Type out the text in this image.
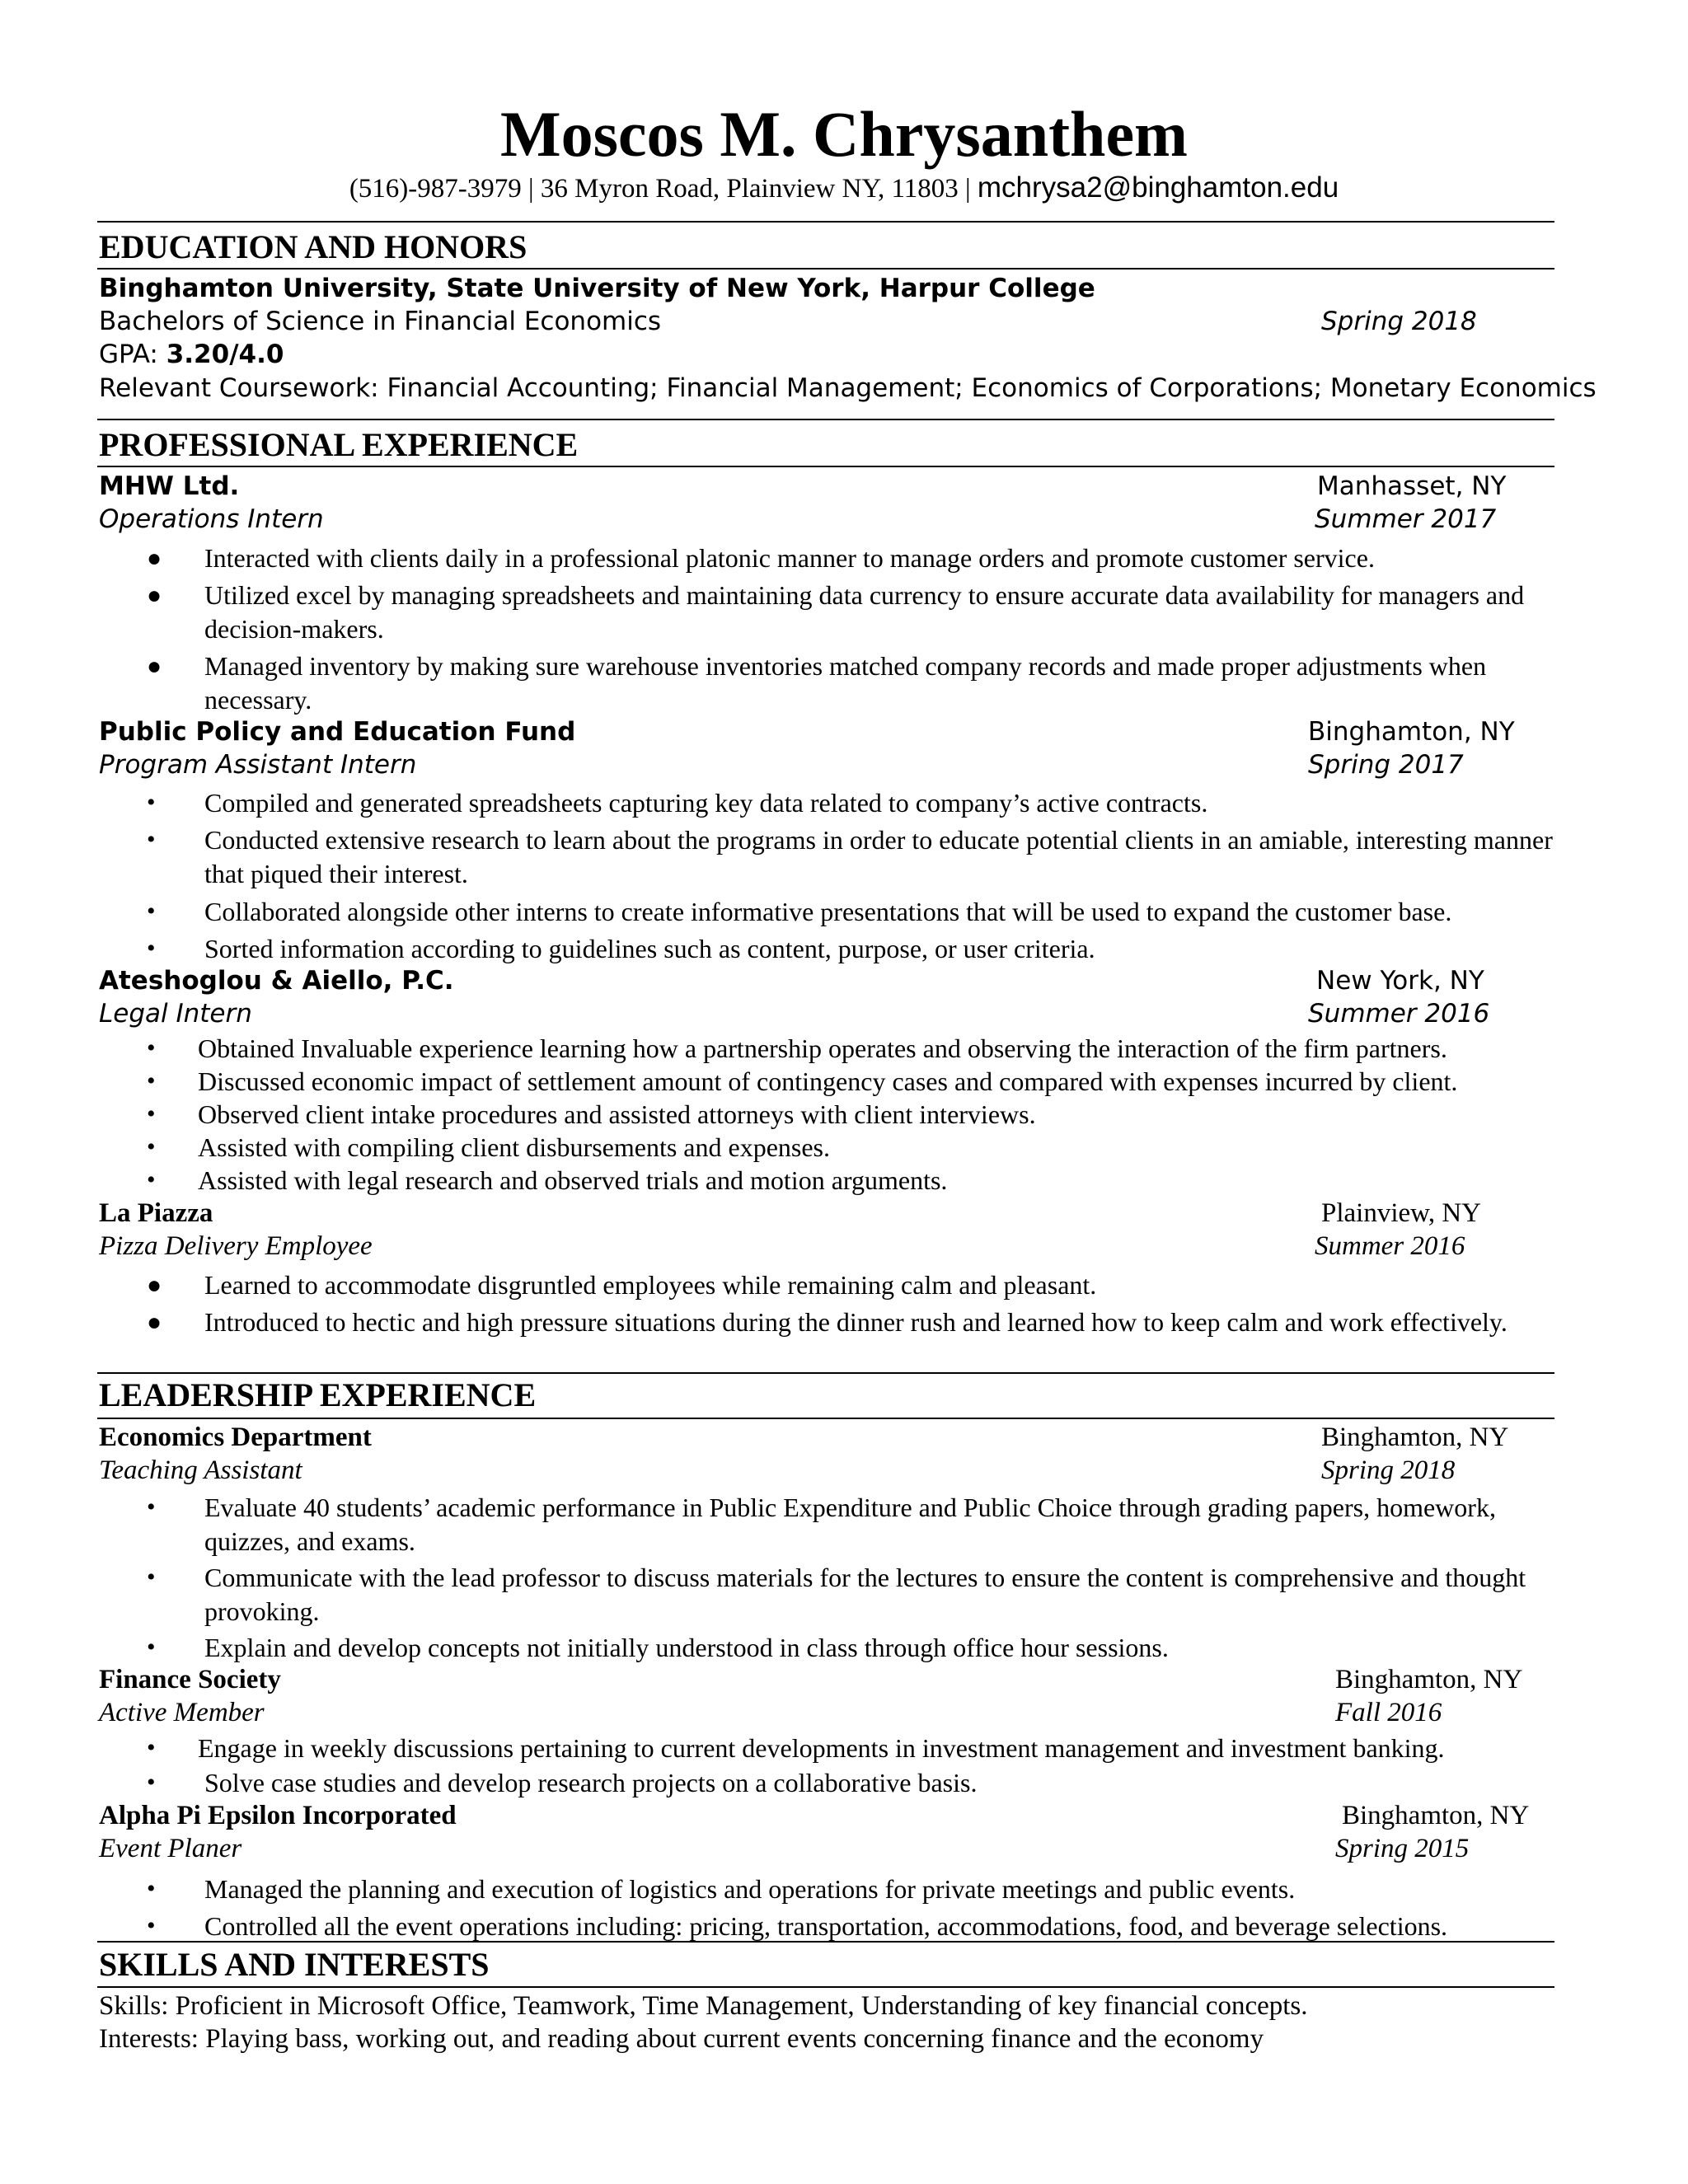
Moscos M. Chrysanthem
(516)-987-3979 | 36 Myron Road, Plainview NY, 11803 | mchrysa2@binghamton.edu
EDUCATION AND HONORS
Binghamton University, State University of New York, Harpur College
Bachelors of Science in Financial Economics	Spring 2018
GPA: 3.20/4.0
Relevant Coursework: Financial Accounting; Financial Management; Economics of Corporations; Monetary Economics
PROFESSIONAL EXPERIENCE
MHW Ltd.	Manhasset, NY
Operations Intern	Summer 2017
● Interacted with clients daily in a professional platonic manner to manage orders and promote customer service.
● Utilized excel by managing spreadsheets and maintaining data currency to ensure accurate data availability for managers and decision-makers.
● Managed inventory by making sure warehouse inventories matched company records and made proper adjustments when necessary.
Public Policy and Education Fund	Binghamton, NY
Program Assistant Intern	Spring 2017
• Compiled and generated spreadsheets capturing key data related to company’s active contracts.
• Conducted extensive research to learn about the programs in order to educate potential clients in an amiable, interesting manner that piqued their interest.
• Collaborated alongside other interns to create informative presentations that will be used to expand the customer base.
• Sorted information according to guidelines such as content, purpose, or user criteria.
Ateshoglou & Aiello, P.C.	New York, NY
Legal Intern	Summer 2016
• Obtained Invaluable experience learning how a partnership operates and observing the interaction of the firm partners.
• Discussed economic impact of settlement amount of contingency cases and compared with expenses incurred by client.
• Observed client intake procedures and assisted attorneys with client interviews.
• Assisted with compiling client disbursements and expenses.
• Assisted with legal research and observed trials and motion arguments.
La Piazza	Plainview, NY
Pizza Delivery Employee	Summer 2016
● Learned to accommodate disgruntled employees while remaining calm and pleasant.
● Introduced to hectic and high pressure situations during the dinner rush and learned how to keep calm and work effectively.
LEADERSHIP EXPERIENCE
Economics Department	Binghamton, NY
Teaching Assistant	Spring 2018
• Evaluate 40 students’ academic performance in Public Expenditure and Public Choice through grading papers, homework, quizzes, and exams.
• Communicate with the lead professor to discuss materials for the lectures to ensure the content is comprehensive and thought provoking.
• Explain and develop concepts not initially understood in class through office hour sessions.
Finance Society	Binghamton, NY
Active Member	Fall 2016
• Engage in weekly discussions pertaining to current developments in investment management and investment banking.
• Solve case studies and develop research projects on a collaborative basis.
Alpha Pi Epsilon Incorporated	Binghamton, NY
Event Planer	Spring 2015
• Managed the planning and execution of logistics and operations for private meetings and public events.
• Controlled all the event operations including: pricing, transportation, accommodations, food, and beverage selections.
SKILLS AND INTERESTS
Skills: Proficient in Microsoft Office, Teamwork, Time Management, Understanding of key financial concepts.
Interests: Playing bass, working out, and reading about current events concerning finance and the economy
